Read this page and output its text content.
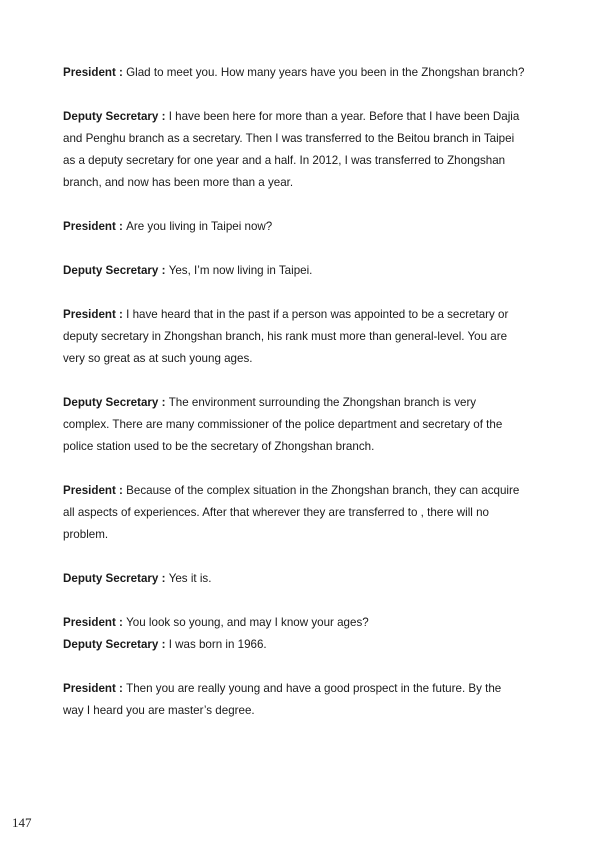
President : Glad to meet you. How many years have you been in the Zhongshan branch?

Deputy Secretary : I have been here for more than a year. Before that I have been Dajia and Penghu branch as a secretary. Then I was transferred to the Beitou branch in Taipei as a deputy secretary for one year and a half. In 2012, I was transferred to Zhongshan branch, and now has been more than a year.

President : Are you living in Taipei now?

Deputy Secretary : Yes, I’m now living in Taipei.

President : I have heard that in the past if a person was appointed to be a secretary or deputy secretary in Zhongshan branch, his rank must more than general-level. You are very so great as at such young ages.

Deputy Secretary : The environment surrounding the Zhongshan branch is very complex. There are many commissioner of the police department and secretary of the police station used to be the secretary of Zhongshan branch.

President : Because of the complex situation in the Zhongshan branch, they can acquire all aspects of experiences. After that wherever they are transferred to , there will no problem.

Deputy Secretary : Yes it is.

President : You look so young, and may I know your ages?

Deputy Secretary : I was born in 1966.

President : Then you are really young and have a good prospect in the future. By the way I heard you are master’s degree.

147
